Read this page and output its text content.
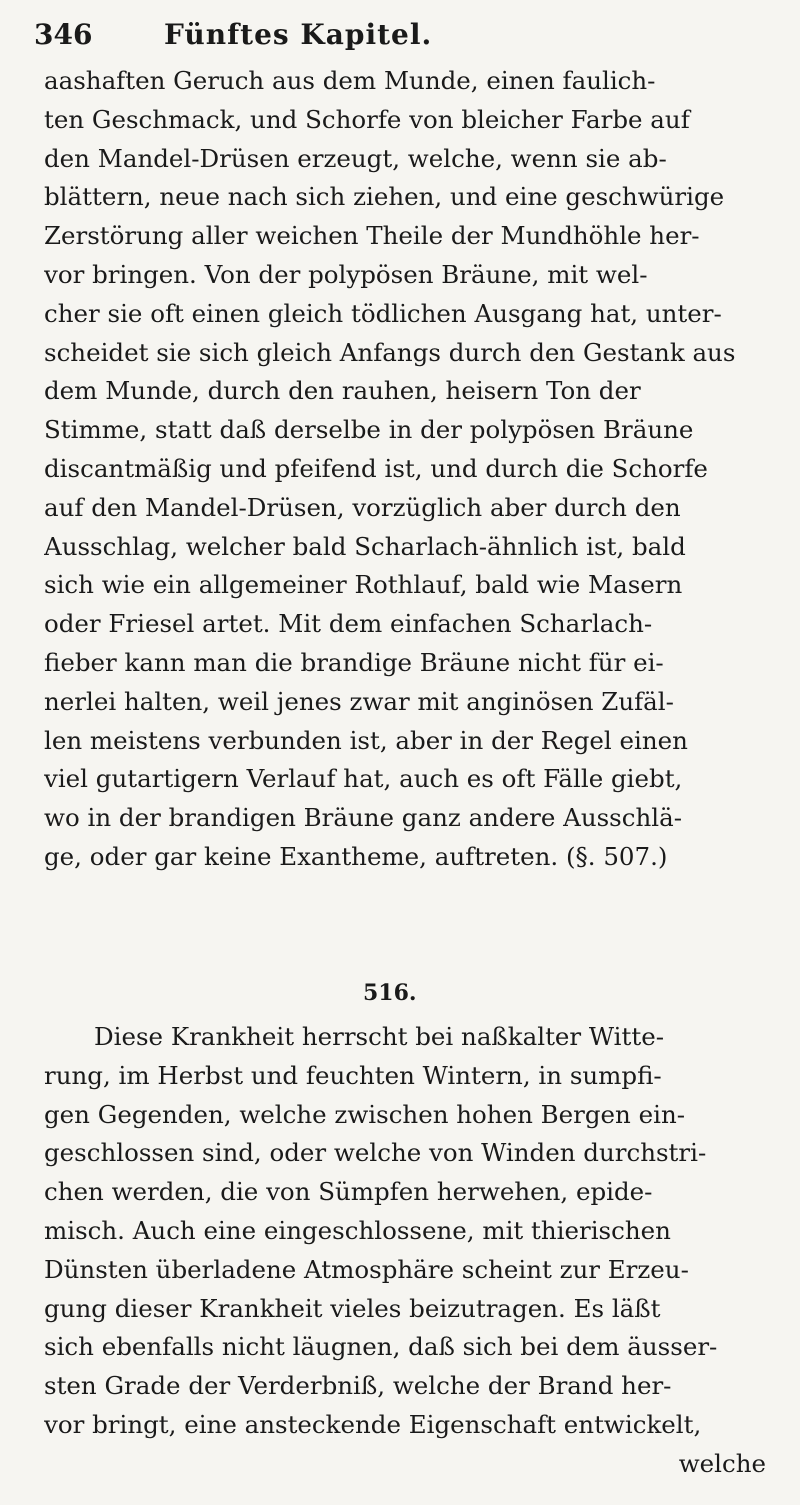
346	Fünftes Kapitel.
aashaften Geruch aus dem Munde, einen faulich-
ten Geschmack, und Schorfe von bleicher Farbe auf
den Mandel-Drüsen erzeugt, welche, wenn sie ab-
blättern, neue nach sich ziehen, und eine geschwürige
Zerstörung aller weichen Theile der Mundhöhle her-
vor bringen. Von der polypösen Bräune, mit wel-
cher sie oft einen gleich tödlichen Ausgang hat, unter-
scheidet sie sich gleich Anfangs durch den Gestank aus
dem Munde, durch den rauhen, heisern Ton der
Stimme, statt daß derselbe in der polypösen Bräune
discantmäßig und pfeifend ist, und durch die Schorfe
auf den Mandel-Drüsen, vorzüglich aber durch den
Ausschlag, welcher bald Scharlach-ähnlich ist, bald
sich wie ein allgemeiner Rothlauf, bald wie Masern
oder Friesel artet. Mit dem einfachen Scharlach-
fieber kann man die brandige Bräune nicht für ei-
nerlei halten, weil jenes zwar mit anginösen Zufäl-
len meistens verbunden ist, aber in der Regel einen
viel gutartigern Verlauf hat, auch es oft Fälle giebt,
wo in der brandigen Bräune ganz andere Ausschlä-
ge, oder gar keine Exantheme, auftreten. (§. 507.)
516.
Diese Krankheit herrscht bei naßkalter Witte-
rung, im Herbst und feuchten Wintern, in sumpfi-
gen Gegenden, welche zwischen hohen Bergen ein-
geschlossen sind, oder welche von Winden durchstri-
chen werden, die von Sümpfen herwehen, epide-
misch. Auch eine eingeschlossene, mit thierischen
Dünsten überladene Atmosphäre scheint zur Erzeu-
gung dieser Krankheit vieles beizutragen. Es läßt
sich ebenfalls nicht läugnen, daß sich bei dem äusser-
sten Grade der Verderbniß, welche der Brand her-
vor bringt, eine ansteckende Eigenschaft entwickelt,
welche
